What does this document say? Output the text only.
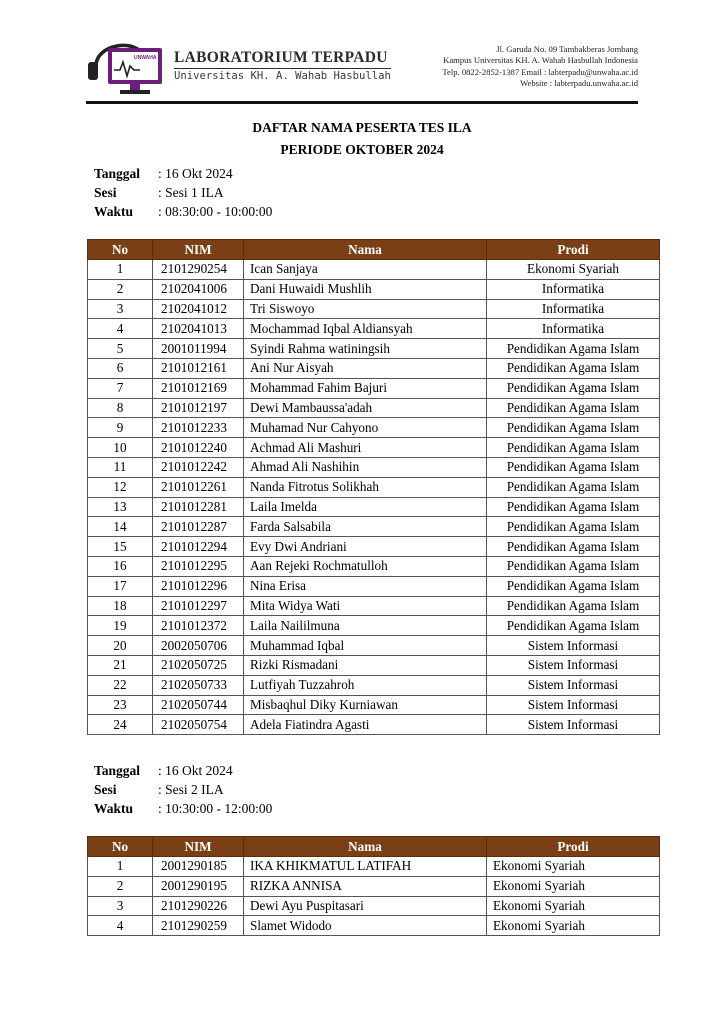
UNWAHA LABORATORIUM TERPADU
Universitas KH. A. Wahab Hasbullah
Jl. Garuda No. 09 Tambakberas Jombang
Kampus Universitas KH. A. Wahab Hasbullah Indonesia
Telp. 0822-2852-1387 Email : labterpadu@unwaha.ac.id
Website : labterpadu.unwaha.ac.id
DAFTAR NAMA PESERTA TES ILA
PERIODE OKTOBER 2024
Tanggal	: 16 Okt 2024
Sesi	: Sesi 1 ILA
Waktu	: 08:30:00 - 10:00:00
No	NIM	Nama	Prodi
1	2101290254	Ican Sanjaya	Ekonomi Syariah
2	2102041006	Dani Huwaidi Mushlih	Informatika
3	2102041012	Tri Siswoyo	Informatika
4	2102041013	Mochammad Iqbal Aldiansyah	Informatika
5	2001011994	Syindi Rahma watiningsih	Pendidikan Agama Islam
6	2101012161	Ani Nur Aisyah	Pendidikan Agama Islam
7	2101012169	Mohammad Fahim Bajuri	Pendidikan Agama Islam
8	2101012197	Dewi Mambaussa'adah	Pendidikan Agama Islam
9	2101012233	Muhamad Nur Cahyono	Pendidikan Agama Islam
10	2101012240	Achmad Ali Mashuri	Pendidikan Agama Islam
11	2101012242	Ahmad Ali Nashihin	Pendidikan Agama Islam
12	2101012261	Nanda Fitrotus Solikhah	Pendidikan Agama Islam
13	2101012281	Laila Imelda	Pendidikan Agama Islam
14	2101012287	Farda Salsabila	Pendidikan Agama Islam
15	2101012294	Evy Dwi Andriani	Pendidikan Agama Islam
16	2101012295	Aan Rejeki Rochmatulloh	Pendidikan Agama Islam
17	2101012296	Nina Erisa	Pendidikan Agama Islam
18	2101012297	Mita Widya Wati	Pendidikan Agama Islam
19	2101012372	Laila Naililmuna	Pendidikan Agama Islam
20	2002050706	Muhammad Iqbal	Sistem Informasi
21	2102050725	Rizki Rismadani	Sistem Informasi
22	2102050733	Lutfiyah Tuzzahroh	Sistem Informasi
23	2102050744	Misbaqhul Diky Kurniawan	Sistem Informasi
24	2102050754	Adela Fiatindra Agasti	Sistem Informasi
Tanggal	: 16 Okt 2024
Sesi	: Sesi 2 ILA
Waktu	: 10:30:00 - 12:00:00
No	NIM	Nama	Prodi
1	2001290185	IKA KHIKMATUL LATIFAH	Ekonomi Syariah
2	2001290195	RIZKA ANNISA	Ekonomi Syariah
3	2101290226	Dewi Ayu Puspitasari	Ekonomi Syariah
4	2101290259	Slamet Widodo	Ekonomi Syariah
